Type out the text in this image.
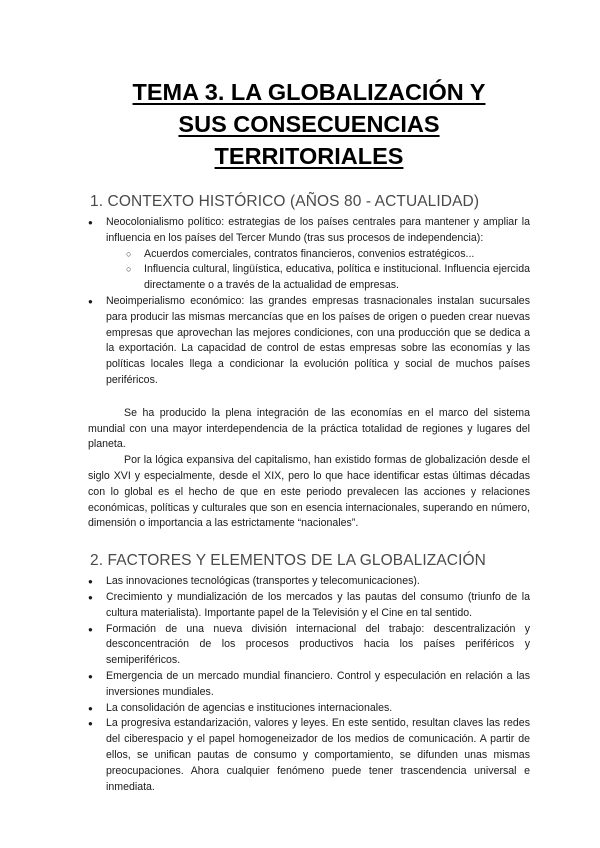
TEMA 3. LA GLOBALIZACIÓN Y
SUS CONSECUENCIAS
TERRITORIALES
1. CONTEXTO HISTÓRICO (AÑOS 80 - ACTUALIDAD)
● Neocolonialismo político: estrategias de los países centrales para mantener y ampliar la influencia en los países del Tercer Mundo (tras sus procesos de independencia):
○ Acuerdos comerciales, contratos financieros, convenios estratégicos...
○ Influencia cultural, lingüística, educativa, política e institucional. Influencia ejercida directamente o a través de la actualidad de empresas.
● Neoimperialismo económico: las grandes empresas trasnacionales instalan sucursales para producir las mismas mercancías que en los países de origen o pueden crear nuevas empresas que aprovechan las mejores condiciones, con una producción que se dedica a la exportación. La capacidad de control de estas empresas sobre las economías y las políticas locales llega a condicionar la evolución política y social de muchos países periféricos.

Se ha producido la plena integración de las economías en el marco del sistema mundial con una mayor interdependencia de la práctica totalidad de regiones y lugares del planeta.

Por la lógica expansiva del capitalismo, han existido formas de globalización desde el siglo XVI y especialmente, desde el XIX, pero lo que hace identificar estas últimas décadas con lo global es el hecho de que en este periodo prevalecen las acciones y relaciones económicas, políticas y culturales que son en esencia internacionales, superando en número, dimensión o importancia a las estrictamente “nacionales”.

2. FACTORES Y ELEMENTOS DE LA GLOBALIZACIÓN
● Las innovaciones tecnológicas (transportes y telecomunicaciones).
● Crecimiento y mundialización de los mercados y las pautas del consumo (triunfo de la cultura materialista). Importante papel de la Televisión y el Cine en tal sentido.
● Formación de una nueva división internacional del trabajo: descentralización y desconcentración de los procesos productivos hacia los países periféricos y semiperiféricos.
● Emergencia de un mercado mundial financiero. Control y especulación en relación a las inversiones mundiales.
● La consolidación de agencias e instituciones internacionales.
● La progresiva estandarización, valores y leyes. En este sentido, resultan claves las redes del ciberespacio y el papel homogeneizador de los medios de comunicación. A partir de ellos, se unifican pautas de consumo y comportamiento, se difunden unas mismas preocupaciones. Ahora cualquier fenómeno puede tener trascendencia universal e inmediata.
